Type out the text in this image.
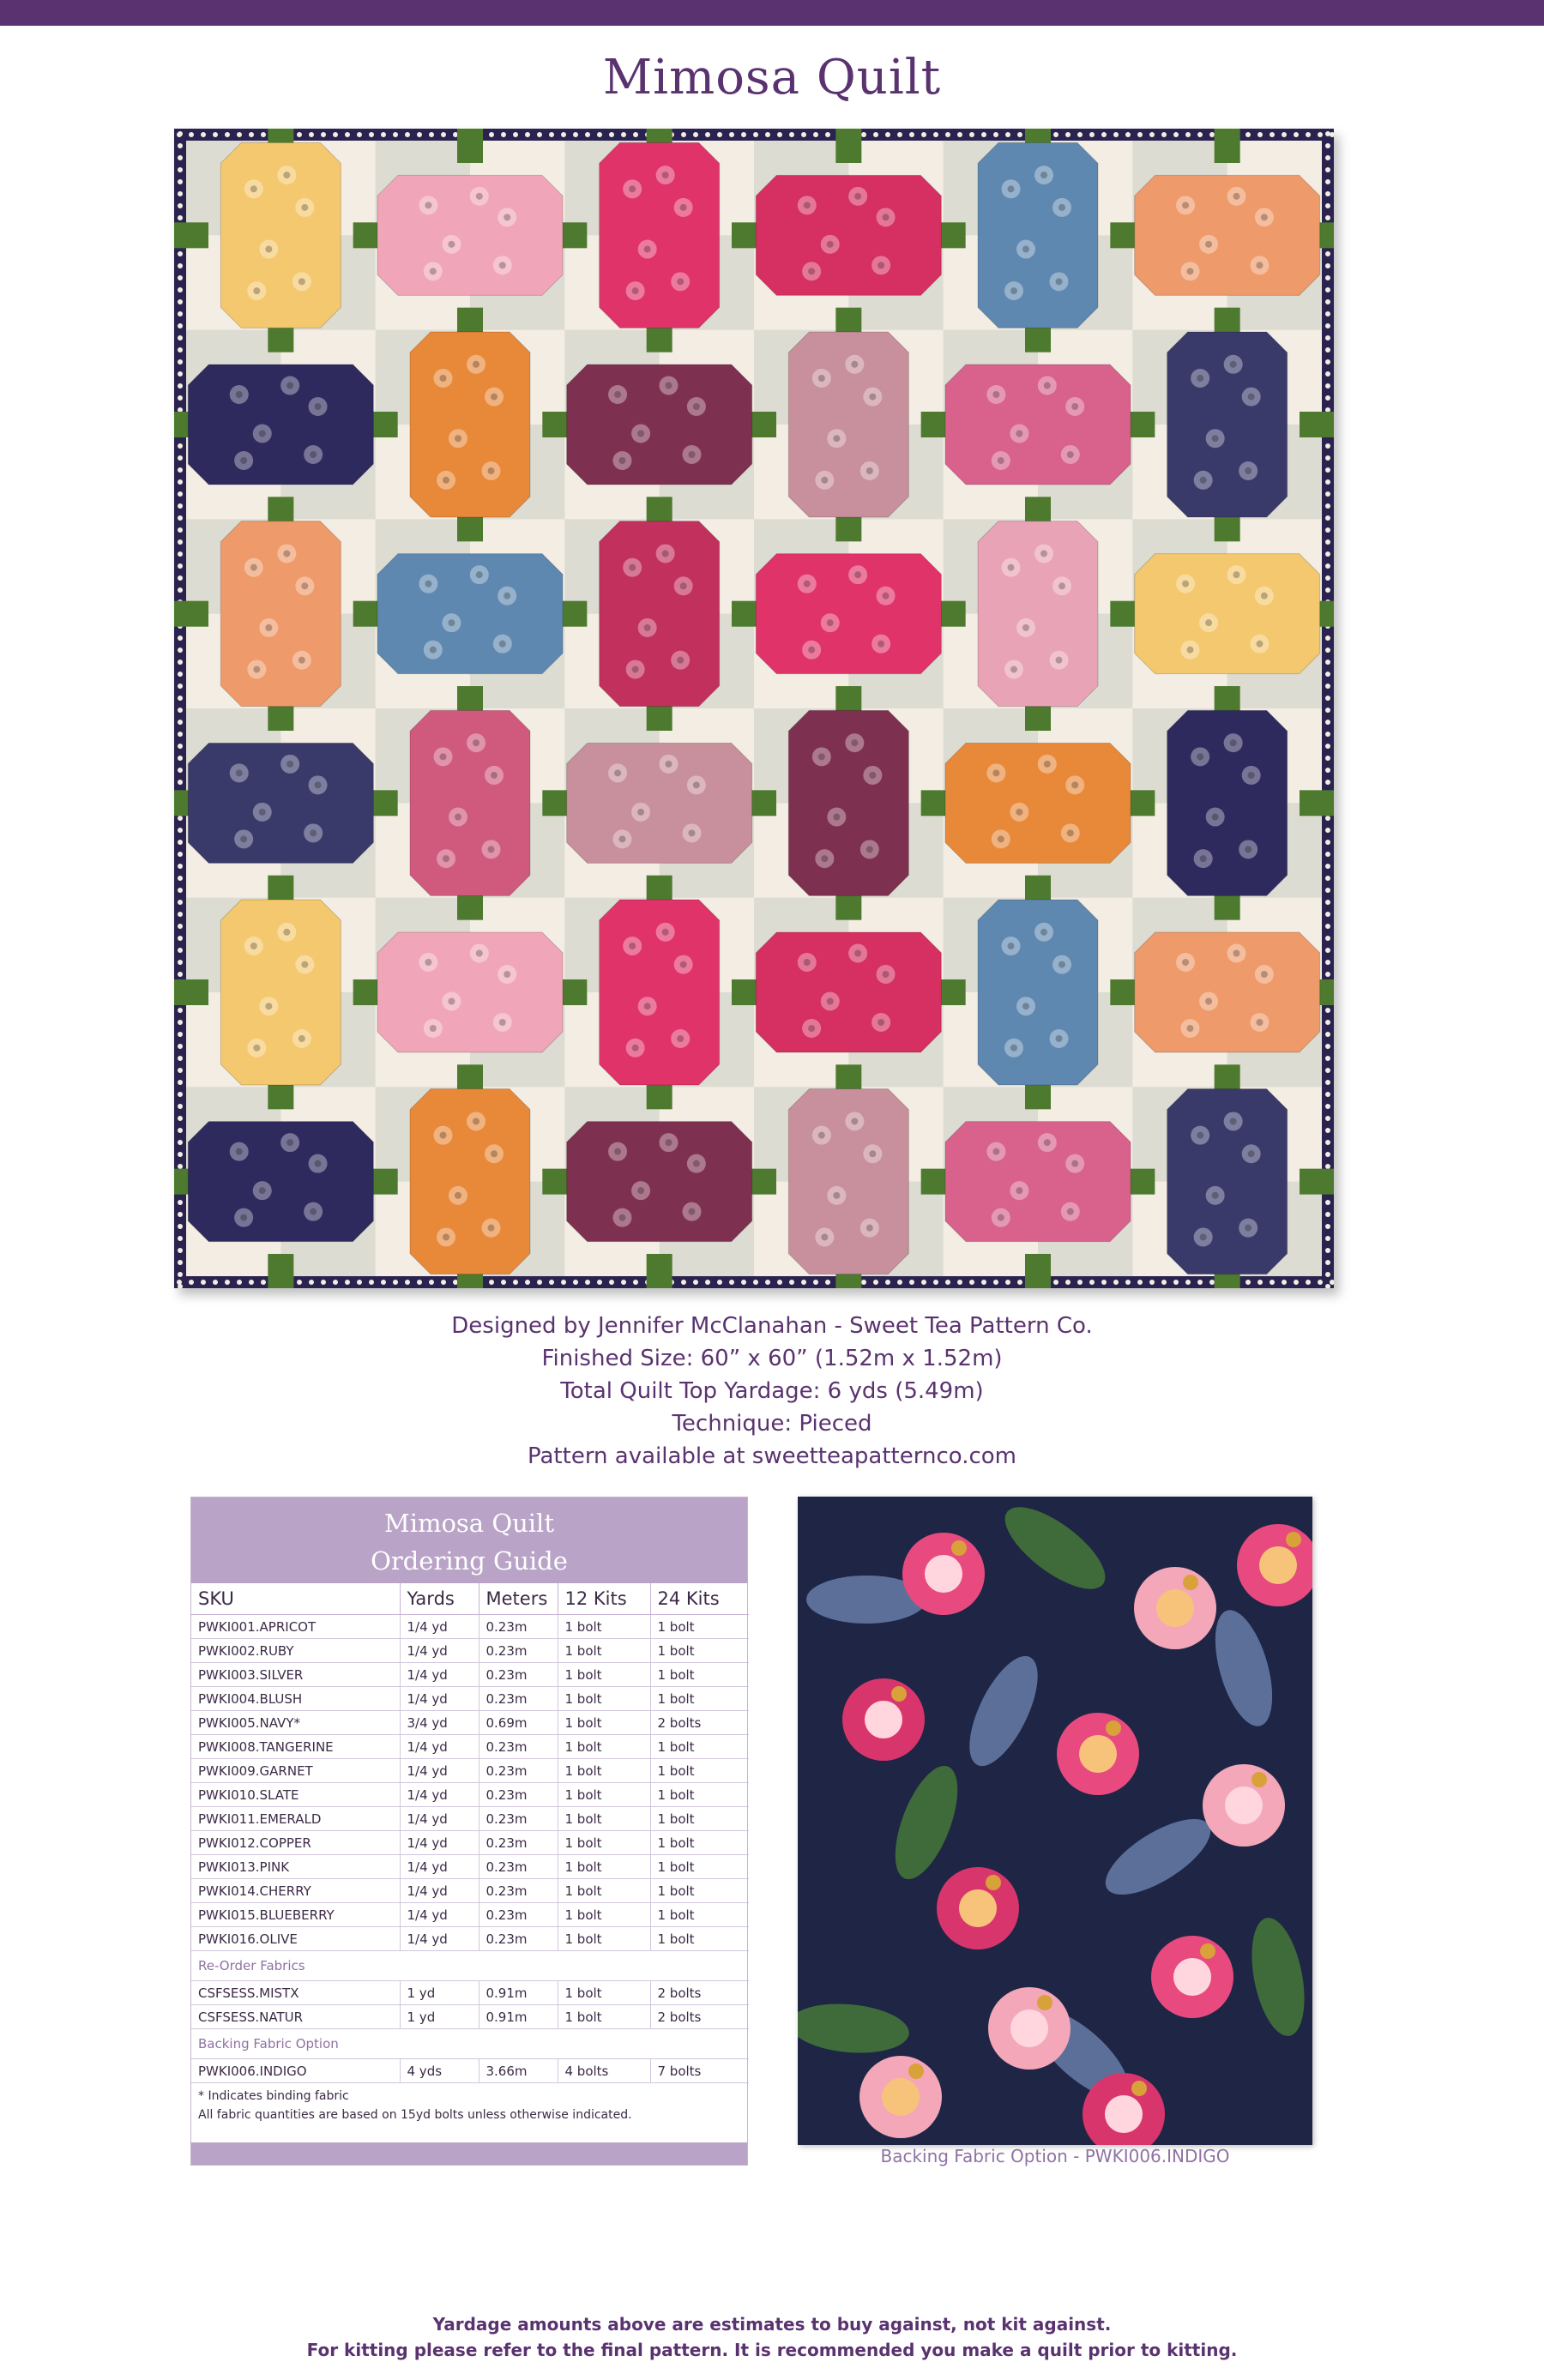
Mimosa Quilt
Designed by Jennifer McClanahan - Sweet Tea Pattern Co.
Finished Size: 60” x 60” (1.52m x 1.52m)
Total Quilt Top Yardage: 6 yds (5.49m)
Technique: Pieced
Pattern available at sweetteapatternco.com
Mimosa Quilt
Ordering Guide
SKU	Yards	Meters	12 Kits	24 Kits
PWKI001.APRICOT	1/4 yd	0.23m	1 bolt	1 bolt
PWKI002.RUBY	1/4 yd	0.23m	1 bolt	1 bolt
PWKI003.SILVER	1/4 yd	0.23m	1 bolt	1 bolt
PWKI004.BLUSH	1/4 yd	0.23m	1 bolt	1 bolt
PWKI005.NAVY*	3/4 yd	0.69m	1 bolt	2 bolts
PWKI008.TANGERINE	1/4 yd	0.23m	1 bolt	1 bolt
PWKI009.GARNET	1/4 yd	0.23m	1 bolt	1 bolt
PWKI010.SLATE	1/4 yd	0.23m	1 bolt	1 bolt
PWKI011.EMERALD	1/4 yd	0.23m	1 bolt	1 bolt
PWKI012.COPPER	1/4 yd	0.23m	1 bolt	1 bolt
PWKI013.PINK	1/4 yd	0.23m	1 bolt	1 bolt
PWKI014.CHERRY	1/4 yd	0.23m	1 bolt	1 bolt
PWKI015.BLUEBERRY	1/4 yd	0.23m	1 bolt	1 bolt
PWKI016.OLIVE	1/4 yd	0.23m	1 bolt	1 bolt
Re-Order Fabrics				
CSFSESS.MISTX	1 yd	0.91m	1 bolt	2 bolts
CSFSESS.NATUR	1 yd	0.91m	1 bolt	2 bolts
Backing Fabric Option				
PWKI006.INDIGO	4 yds	3.66m	4 bolts	7 bolts
* Indicates binding fabric
All fabric quantities are based on 15yd bolts unless otherwise indicated.
Backing Fabric Option - PWKI006.INDIGO
Yardage amounts above are estimates to buy against, not kit against.
For kitting please refer to the final pattern. It is recommended you make a quilt prior to kitting.
